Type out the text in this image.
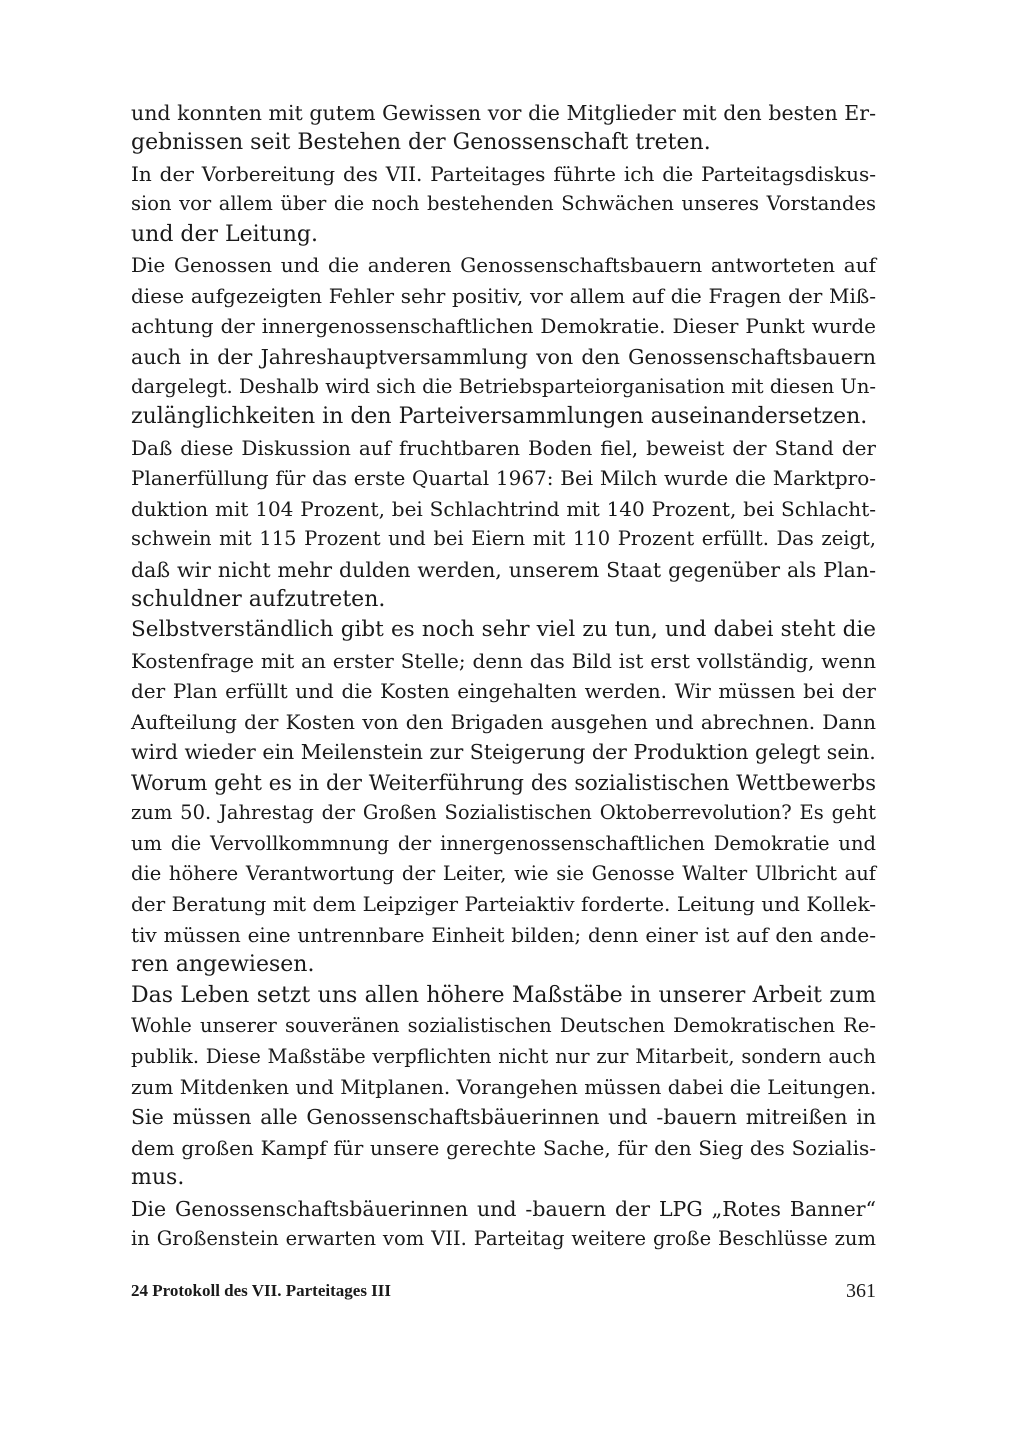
und konnten mit gutem Gewissen vor die Mitglieder mit den besten Er-
gebnissen seit Bestehen der Genossenschaft treten.
In der Vorbereitung des VII. Parteitages führte ich die Parteitagsdiskus-
sion vor allem über die noch bestehenden Schwächen unseres Vorstandes
und der Leitung.
Die Genossen und die anderen Genossenschaftsbauern antworteten auf
diese aufgezeigten Fehler sehr positiv, vor allem auf die Fragen der Miß-
achtung der innergenossenschaftlichen Demokratie. Dieser Punkt wurde
auch in der Jahreshauptversammlung von den Genossenschaftsbauern
dargelegt. Deshalb wird sich die Betriebsparteiorganisation mit diesen Un-
zulänglichkeiten in den Parteiversammlungen auseinandersetzen.
Daß diese Diskussion auf fruchtbaren Boden fiel, beweist der Stand der
Planerfüllung für das erste Quartal 1967: Bei Milch wurde die Marktpro-
duktion mit 104 Prozent, bei Schlachtrind mit 140 Prozent, bei Schlacht-
schwein mit 115 Prozent und bei Eiern mit 110 Prozent erfüllt. Das zeigt,
daß wir nicht mehr dulden werden, unserem Staat gegenüber als Plan-
schuldner aufzutreten.
Selbstverständlich gibt es noch sehr viel zu tun, und dabei steht die
Kostenfrage mit an erster Stelle; denn das Bild ist erst vollständig, wenn
der Plan erfüllt und die Kosten eingehalten werden. Wir müssen bei der
Aufteilung der Kosten von den Brigaden ausgehen und abrechnen. Dann
wird wieder ein Meilenstein zur Steigerung der Produktion gelegt sein.
Worum geht es in der Weiterführung des sozialistischen Wettbewerbs
zum 50. Jahrestag der Großen Sozialistischen Oktoberrevolution? Es geht
um die Vervollkommnung der innergenossenschaftlichen Demokratie und
die höhere Verantwortung der Leiter, wie sie Genosse Walter Ulbricht auf
der Beratung mit dem Leipziger Parteiaktiv forderte. Leitung und Kollek-
tiv müssen eine untrennbare Einheit bilden; denn einer ist auf den ande-
ren angewiesen.
Das Leben setzt uns allen höhere Maßstäbe in unserer Arbeit zum
Wohle unserer souveränen sozialistischen Deutschen Demokratischen Re-
publik. Diese Maßstäbe verpflichten nicht nur zur Mitarbeit, sondern auch
zum Mitdenken und Mitplanen. Vorangehen müssen dabei die Leitungen.
Sie müssen alle Genossenschaftsbäuerinnen und -bauern mitreißen in
dem großen Kampf für unsere gerechte Sache, für den Sieg des Sozialis-
mus.
Die Genossenschaftsbäuerinnen und -bauern der LPG „Rotes Banner“
in Großenstein erwarten vom VII. Parteitag weitere große Beschlüsse zum
24 Protokoll des VII. Parteitages III	361
